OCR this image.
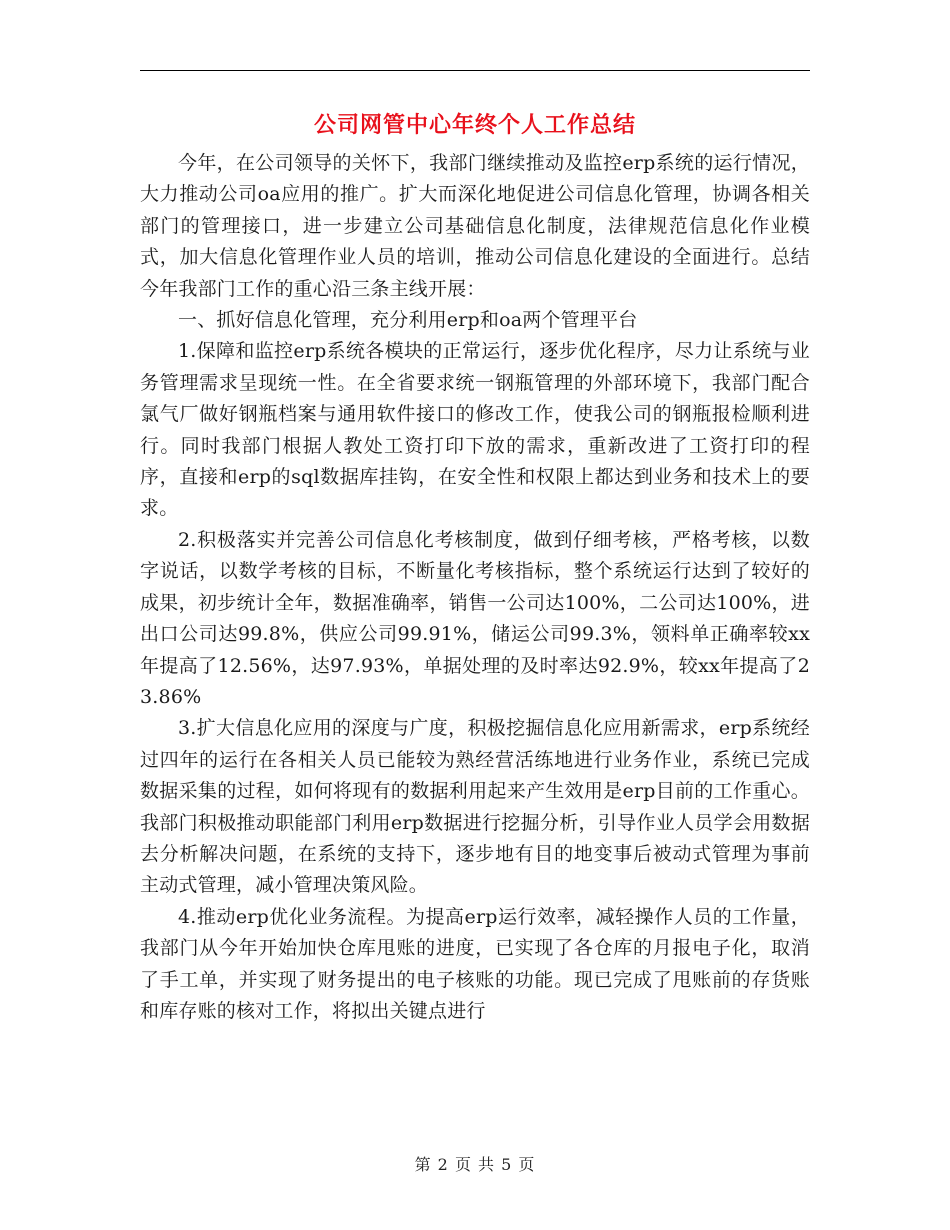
公司网管中心年终个人工作总结

今年，在公司领导的关怀下，我部门继续推动及监控erp系统的运行情况，大力推动公司oa应用的推广。扩大而深化地促进公司信息化管理，协调各相关部门的管理接口，进一步建立公司基础信息化制度，法律规范信息化作业模式，加大信息化管理作业人员的培训，推动公司信息化建设的全面进行。总结今年我部门工作的重心沿三条主线开展：

一、抓好信息化管理，充分利用erp和oa两个管理平台

1.保障和监控erp系统各模块的正常运行，逐步优化程序，尽力让系统与业务管理需求呈现统一性。在全省要求统一钢瓶管理的外部环境下，我部门配合氯气厂做好钢瓶档案与通用软件接口的修改工作，使我公司的钢瓶报检顺利进行。同时我部门根据人教处工资打印下放的需求，重新改进了工资打印的程序，直接和erp的sql数据库挂钩，在安全性和权限上都达到业务和技术上的要求。

2.积极落实并完善公司信息化考核制度，做到仔细考核，严格考核，以数字说话，以数学考核的目标，不断量化考核指标，整个系统运行达到了较好的成果，初步统计全年，数据准确率，销售一公司达100%，二公司达100%，进出口公司达99.8%，供应公司99.91%，储运公司99.3%，领料单正确率较xx年提高了12.56%，达97.93%，单据处理的及时率达92.9%，较xx年提高了23.86%

3.扩大信息化应用的深度与广度，积极挖掘信息化应用新需求，erp系统经过四年的运行在各相关人员已能较为熟经营活练地进行业务作业，系统已完成数据采集的过程，如何将现有的数据利用起来产生效用是erp目前的工作重心。我部门积极推动职能部门利用erp数据进行挖掘分析，引导作业人员学会用数据去分析解决问题，在系统的支持下，逐步地有目的地变事后被动式管理为事前主动式管理，减小管理决策风险。

4.推动erp优化业务流程。为提高erp运行效率，减轻操作人员的工作量，我部门从今年开始加快仓库甩账的进度，已实现了各仓库的月报电子化，取消了手工单，并实现了财务提出的电子核账的功能。现已完成了甩账前的存货账和库存账的核对工作，将拟出关键点进行

第 2 页 共 5 页
